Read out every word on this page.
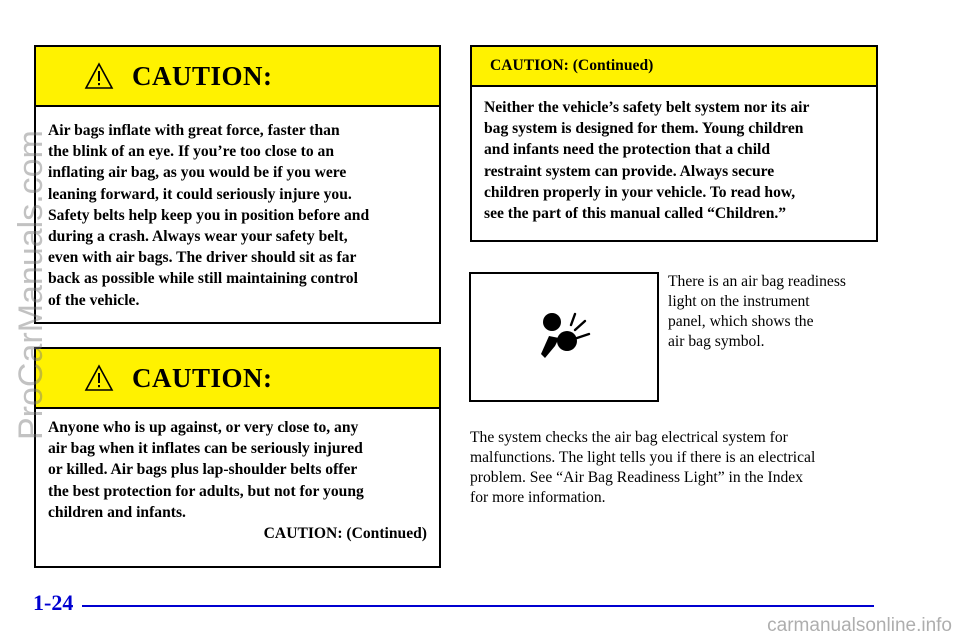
CAUTION:

Air bags inflate with great force, faster than
the blink of an eye. If you’re too close to an
inflating air bag, as you would be if you were
leaning forward, it could seriously injure you.
Safety belts help keep you in position before and
during a crash. Always wear your safety belt,
even with air bags. The driver should sit as far
back as possible while still maintaining control
of the vehicle.

CAUTION:

Anyone who is up against, or very close to, any
air bag when it inflates can be seriously injured
or killed. Air bags plus lap-shoulder belts offer
the best protection for adults, but not for young
children and infants.

CAUTION: (Continued)

CAUTION: (Continued)

Neither the vehicle’s safety belt system nor its air
bag system is designed for them. Young children
and infants need the protection that a child
restraint system can provide. Always secure
children properly in your vehicle. To read how,
see the part of this manual called “Children.”

There is an air bag readiness
light on the instrument
panel, which shows the
air bag symbol.
The system checks the air bag electrical system for
malfunctions. The light tells you if there is an electrical
problem. See “Air Bag Readiness Light” in the Index
for more information.
1-24
ProCarManuals.com
carmanualsonline.info
